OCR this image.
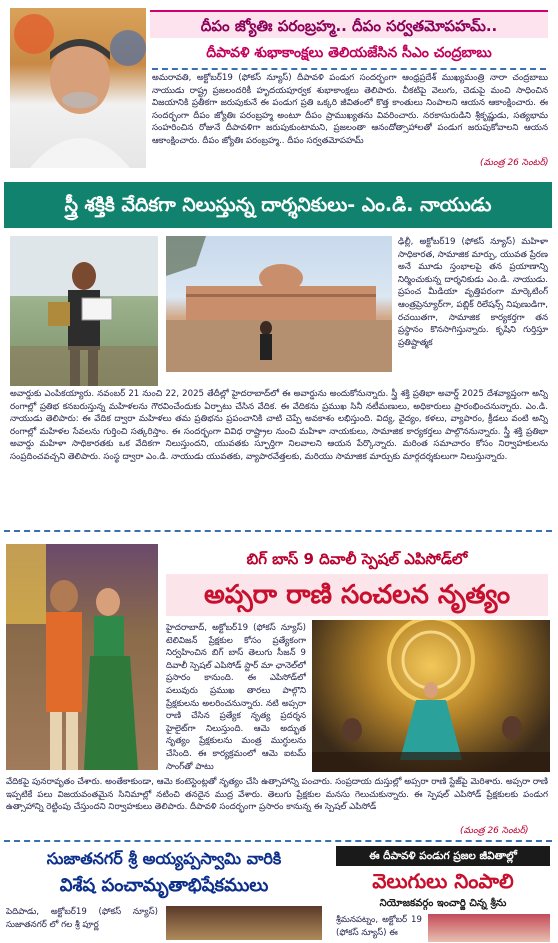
దీపం జ్యోతిః పరంబ్రహ్మ.. దీపం సర్వతమోపహమ్..
దీపావళి శుభాకాంక్షలు తెలియజేసిన సీఎం చంద్రబాబు
అమరావతి, అక్టోబర్19 (ఫోకస్ న్యూస్) దీపావళి పండుగ సందర్భంగా ఆంధ్రప్రదేశ్ ముఖ్యమంత్రి నారా చంద్రబాబు నాయుడు రాష్ట్ర ప్రజలందరికీ హృదయపూర్వక శుభాకాంక్షలు తెలిపారు. చీకటిపై వెలుగు, చెడుపై మంచి సాధించిన విజయానికి ప్రతీకగా జరుపుకునే ఈ పండుగ ప్రతి ఒక్కరి జీవితంలో కొత్త కాంతులు నింపాలని ఆయన ఆకాంక్షించారు. ఈ సందర్భంగా దీపం జ్యోతిః పరంబ్రహ్మ అంటూ దీపం ప్రాముఖ్యతను వివరించారు. నరకాసురుడిని శ్రీకృష్ణుడు, సత్యభామ సంహరించిన రోజునే దీపావళిగా జరుపుకుంటామని, ప్రజలంతా ఆనందోత్సాహాలతో పండుగ జరుపుకోవాలని ఆయన ఆకాంక్షించారు. దీపం జ్యోతిః పరంబ్రహ్మ.. దీపం సర్వతమోపహమ్
(మంత్ర 26 సెంటర్)
స్త్రీ శక్తికి వేదికగా నిలుస్తున్న దార్శనికులు- ఎం.డి. నాయుడు
ఢిల్లీ, అక్టోబర్19 (ఫోకస్ న్యూస్) మహిళా సాధికారత, సామాజిక మార్పు, యువత ప్రేరణ అనే మూడు స్తంభాలపై తన ప్రయాణాన్ని నిర్మించుకున్న దార్శనికుడు ఎం.డి. నాయుడు. ప్రపంచ మీడియా వృత్తిపరంగా మార్కెటింగ్ ఆంత్రప్రెన్యూర్‌గా, పబ్లిక్ రిలేషన్స్ నిపుణుడిగా, రచయితగా, సామాజిక కార్యకర్తగా తన ప్రస్థానం కొనసాగిస్తున్నారు. కృషిని గుర్తిస్తూ ప్రతిష్టాత్మక
అవార్డుకు ఎంపికయ్యారు. నవంబర్ 21 నుంచి 22, 2025 తేదీల్లో హైదరాబాద్‌లో ఈ అవార్డును అందుకోనున్నారు. స్త్రీ శక్తి ప్రతిభా అవార్డ్ 2025 దేశవ్యాప్తంగా అన్ని రంగాల్లో ప్రతిభ కనబరుస్తున్న మహిళలను గౌరవించేందుకు ఏర్పాటు చేసిన వేదిక. ఈ వేదికను ప్రముఖ సినీ నటీమణులు, అధికారులు ప్రారంభించనున్నారు. ఎం.డి. నాయుడు తెలిపారు: ఈ వేదిక ద్వారా మహిళలు తమ ప్రతిభను ప్రపంచానికి చాటి చెప్పే అవకాశం లభిస్తుంది. విద్య, వైద్యం, కళలు, వ్యాపారం, క్రీడలు వంటి అన్ని రంగాల్లో మహిళల సేవలను గుర్తించి సత్కరిస్తాం. ఈ సందర్భంగా వివిధ రాష్ట్రాల నుంచి మహిళా నాయకులు, సామాజిక కార్యకర్తలు పాల్గొననున్నారు. స్త్రీ శక్తి ప్రతిభా అవార్డు మహిళా సాధికారతకు ఒక వేదికగా నిలుస్తుందని, యువతకు స్ఫూర్తిగా నిలవాలని ఆయన పేర్కొన్నారు. మరింత సమాచారం కోసం నిర్వాహకులను సంప్రదించవచ్చని తెలిపారు. సంస్థ ద్వారా ఎం.డి. నాయుడు యువతకు, వ్యాపారవేత్తలకు, మరియు సామాజిక మార్పుకు మార్గదర్శకులుగా నిలుస్తున్నారు.
బిగ్ బాస్ 9 దివాలీ స్పెషల్ ఎపిసోడ్‌లో
అప్సరా రాణి సంచలన నృత్యం
హైదరాబాద్, అక్టోబర్19 (ఫోకస్ న్యూస్) టెలివిజన్ ప్రేక్షకుల కోసం ప్రత్యేకంగా నిర్వహించిన బిగ్ బాస్ తెలుగు సీజన్ 9 దివాలీ స్పెషల్ ఎపిసోడ్ స్టార్ మా ఛానెల్‌లో ప్రసారం కానుంది. ఈ ఎపిసోడ్‌లో పలువురు ప్రముఖ తారలు పాల్గొని ప్రేక్షకులను అలరించనున్నారు. నటి అప్సరా రాణి చేసిన ప్రత్యేక నృత్య ప్రదర్శన హైలైట్‌గా నిలుస్తుంది. ఆమె అద్భుత నృత్యం ప్రేక్షకులను మంత్ర ముగ్ధులను చేసింది. ఈ కార్యక్రమంలో ఆమె ఐటమ్ సాంగ్‌తో పాటు
వేదికపై పునరావృతం చేశారు. అంతేకాకుండా, ఆమె కంటెస్టెంట్లతో నృత్యం చేసి ఉత్సాహాన్ని పంచారు. సంప్రదాయ దుస్తుల్లో అప్సరా రాణి స్టేజ్‌పై మెరిశారు. అప్సరా రాణి ఇప్పటికే పలు విజయవంతమైన సినిమాల్లో నటించి తనదైన ముద్ర వేశారు. తెలుగు ప్రేక్షకుల మనసు గెలుచుకున్నారు. ఈ స్పెషల్ ఎపిసోడ్ ప్రేక్షకులకు పండుగ ఉత్సాహాన్ని రెట్టింపు చేస్తుందని నిర్వాహకులు తెలిపారు. దీపావళి సందర్భంగా ప్రసారం కానున్న ఈ స్పెషల్ ఎపిసోడ్
(మంత్ర 26 సెంటర్)
సుజాతనగర్ శ్రీ అయ్యప్పస్వామి వారికి
విశేష పంచామృతాభిషేకములు
పెదిపాడు, అక్టోబర్19 (ఫోకస్ న్యూస్) సుజాతనగర్ లో గల శ్రీ పూర్ణ
ఈ దీపావళి పండుగ ప్రజల జీవితాల్లో
వెలుగులు నింపాలి
నియోజకవర్గం ఇంచార్జి చిన్న శ్రీను
శ్రీమనపట్నం, అక్టోబర్ 19 (ఫోకస్ న్యూస్) ఈ
